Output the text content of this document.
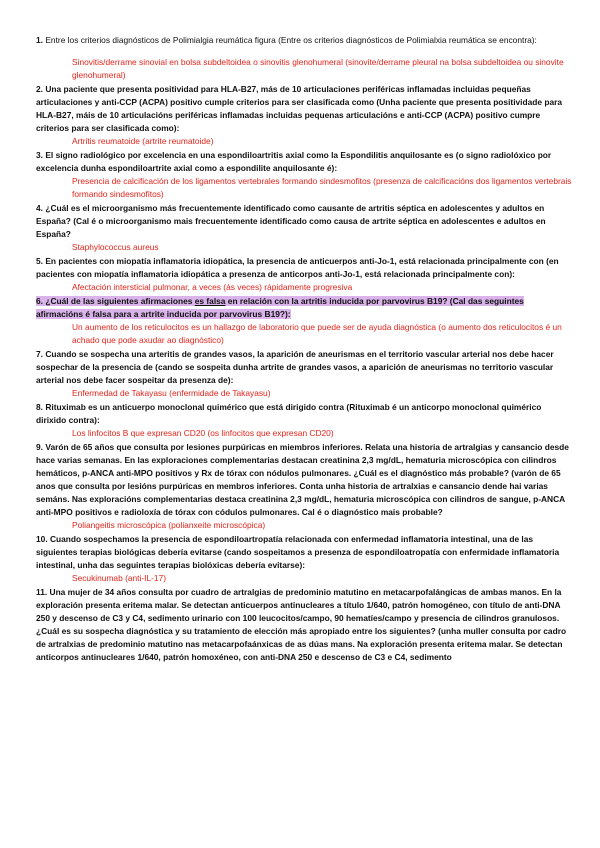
1. Entre los criterios diagnósticos de Polimialgia reumática figura (Entre os criterios diagnósticos de Polimialxia reumática se encontra):

Sinovitis/derrame sinovial en bolsa subdeltoidea o sinovitis glenohumeral (sinovite/derrame pleural na bolsa subdeltoidea ou sinovite glenohumeral)

2. Una paciente que presenta positividad para HLA-B27, más de 10 articulaciones periféricas inflamadas incluidas pequeñas articulaciones y anti-CCP (ACPA) positivo cumple criterios para ser clasificada como (Unha paciente que presenta positividade para HLA-B27, máis de 10 articulacións periféricas inflamadas incluidas pequenas articulacións e anti-CCP (ACPA) positivo cumpre criterios para ser clasificada como):

Artritis reumatoide (artrite reumatoide)

3. El signo radiológico por excelencia en una espondiloartritis axial como la Espondilitis anquilosante es (o signo radiolóxico por excelencia dunha espondiloartrite axial como a espondilite anquilosante é):

Presencia de calcificación de los ligamentos vertebrales formando sindesmofitos (presenza de calcificacións dos ligamentos vertebrais formando sindesmofitos)

4. ¿Cuál es el microorganismo más frecuentemente identificado como causante de artritis séptica en adolescentes y adultos en España? (Cal é o microorganismo mais frecuentemente identificado como causa de artrite séptica en adolescentes e adultos en España?

Staphylococcus aureus

5. En pacientes con miopatía inflamatoria idiopática, la presencia de anticuerpos anti-Jo-1, está relacionada principalmente con (en pacientes con miopatía inflamatoria idiopática a presenza de anticorpos anti-Jo-1, está relacionada principalmente con):

Afectación intersticial pulmonar, a veces (ás veces) rápidamente progresiva

6. ¿Cuál de las siguientes afirmaciones es falsa en relación con la artritis inducida por parvovirus B19? (Cal das seguintes afirmacións é falsa para a artrite inducida por parvovirus B19?):

Un aumento de los reticulocitos es un hallazgo de laboratorio que puede ser de ayuda diagnóstica (o aumento dos reticulocitos é un achado que pode axudar ao diagnóstico)

7. Cuando se sospecha una arteritis de grandes vasos, la aparición de aneurismas en el territorio vascular arterial nos debe hacer sospechar de la presencia de (cando se sospeita dunha artrite de grandes vasos, a aparición de aneurismas no territorio vascular arterial nos debe facer sospeitar da presenza de):

Enfermedad de Takayasu (enfermidade de Takayasu)

8. Rituximab es un anticuerpo monoclonal quimérico que está dirigido contra (Rituximab é un anticorpo monoclonal quimérico dirixido contra):

Los linfocitos B que expresan CD20 (os linfocitos que expresan CD20)

9. Varón de 65 años que consulta por lesiones purpúricas en miembros inferiores. Relata una historia de artralgias y cansancio desde hace varias semanas. En las exploraciones complementarias destacan creatinina 2,3 mg/dL, hematuria microscópica con cilindros hemáticos, p-ANCA anti-MPO positivos y Rx de tórax con nódulos pulmonares. ¿Cuál es el diagnóstico más probable? (varón de 65 anos que consulta por lesións purpúricas en membros inferiores. Conta unha historia de artralxias e cansancio dende hai varias semáns. Nas exploracións complementarias destaca creatinina 2,3 mg/dL, hematuria microscópica con cilindros de sangue, p-ANCA anti-MPO positivos e radioloxía de tórax con códulos pulmonares. Cal é o diagnóstico mais probable?

Poliangeitis microscópica (polianxeite microscópica)

10. Cuando sospechamos la presencia de espondiloartropatía relacionada con enfermedad inflamatoria intestinal, una de las siguientes terapias biológicas debería evitarse (cando sospeitamos a presenza de espondiloatropatía con enfermidade inflamatoria intestinal, unha das seguintes terapias biolóxicas debería evitarse):

Secukinumab (anti-IL-17)

11. Una mujer de 34 años consulta por cuadro de artralgias de predominio matutino en metacarpofalángicas de ambas manos. En la exploración presenta eritema malar. Se detectan anticuerpos antinucleares a título 1/640, patrón homogéneo, con título de anti-DNA 250 y descenso de C3 y C4, sedimento urinario con 100 leucocitos/campo, 90 hematíes/campo y presencia de cilindros granulosos. ¿Cuál es su sospecha diagnóstica y su tratamiento de elección más apropiado entre los siguientes? (unha muller consulta por cadro de artralxias de predominio matutino nas metacarpofaánxicas de as dúas mans. Na exploración presenta eritema malar. Se detectan anticorpos antinucleares 1/640, patrón homoxéneo, con anti-DNA 250 e descenso de C3 e C4, sedimento
